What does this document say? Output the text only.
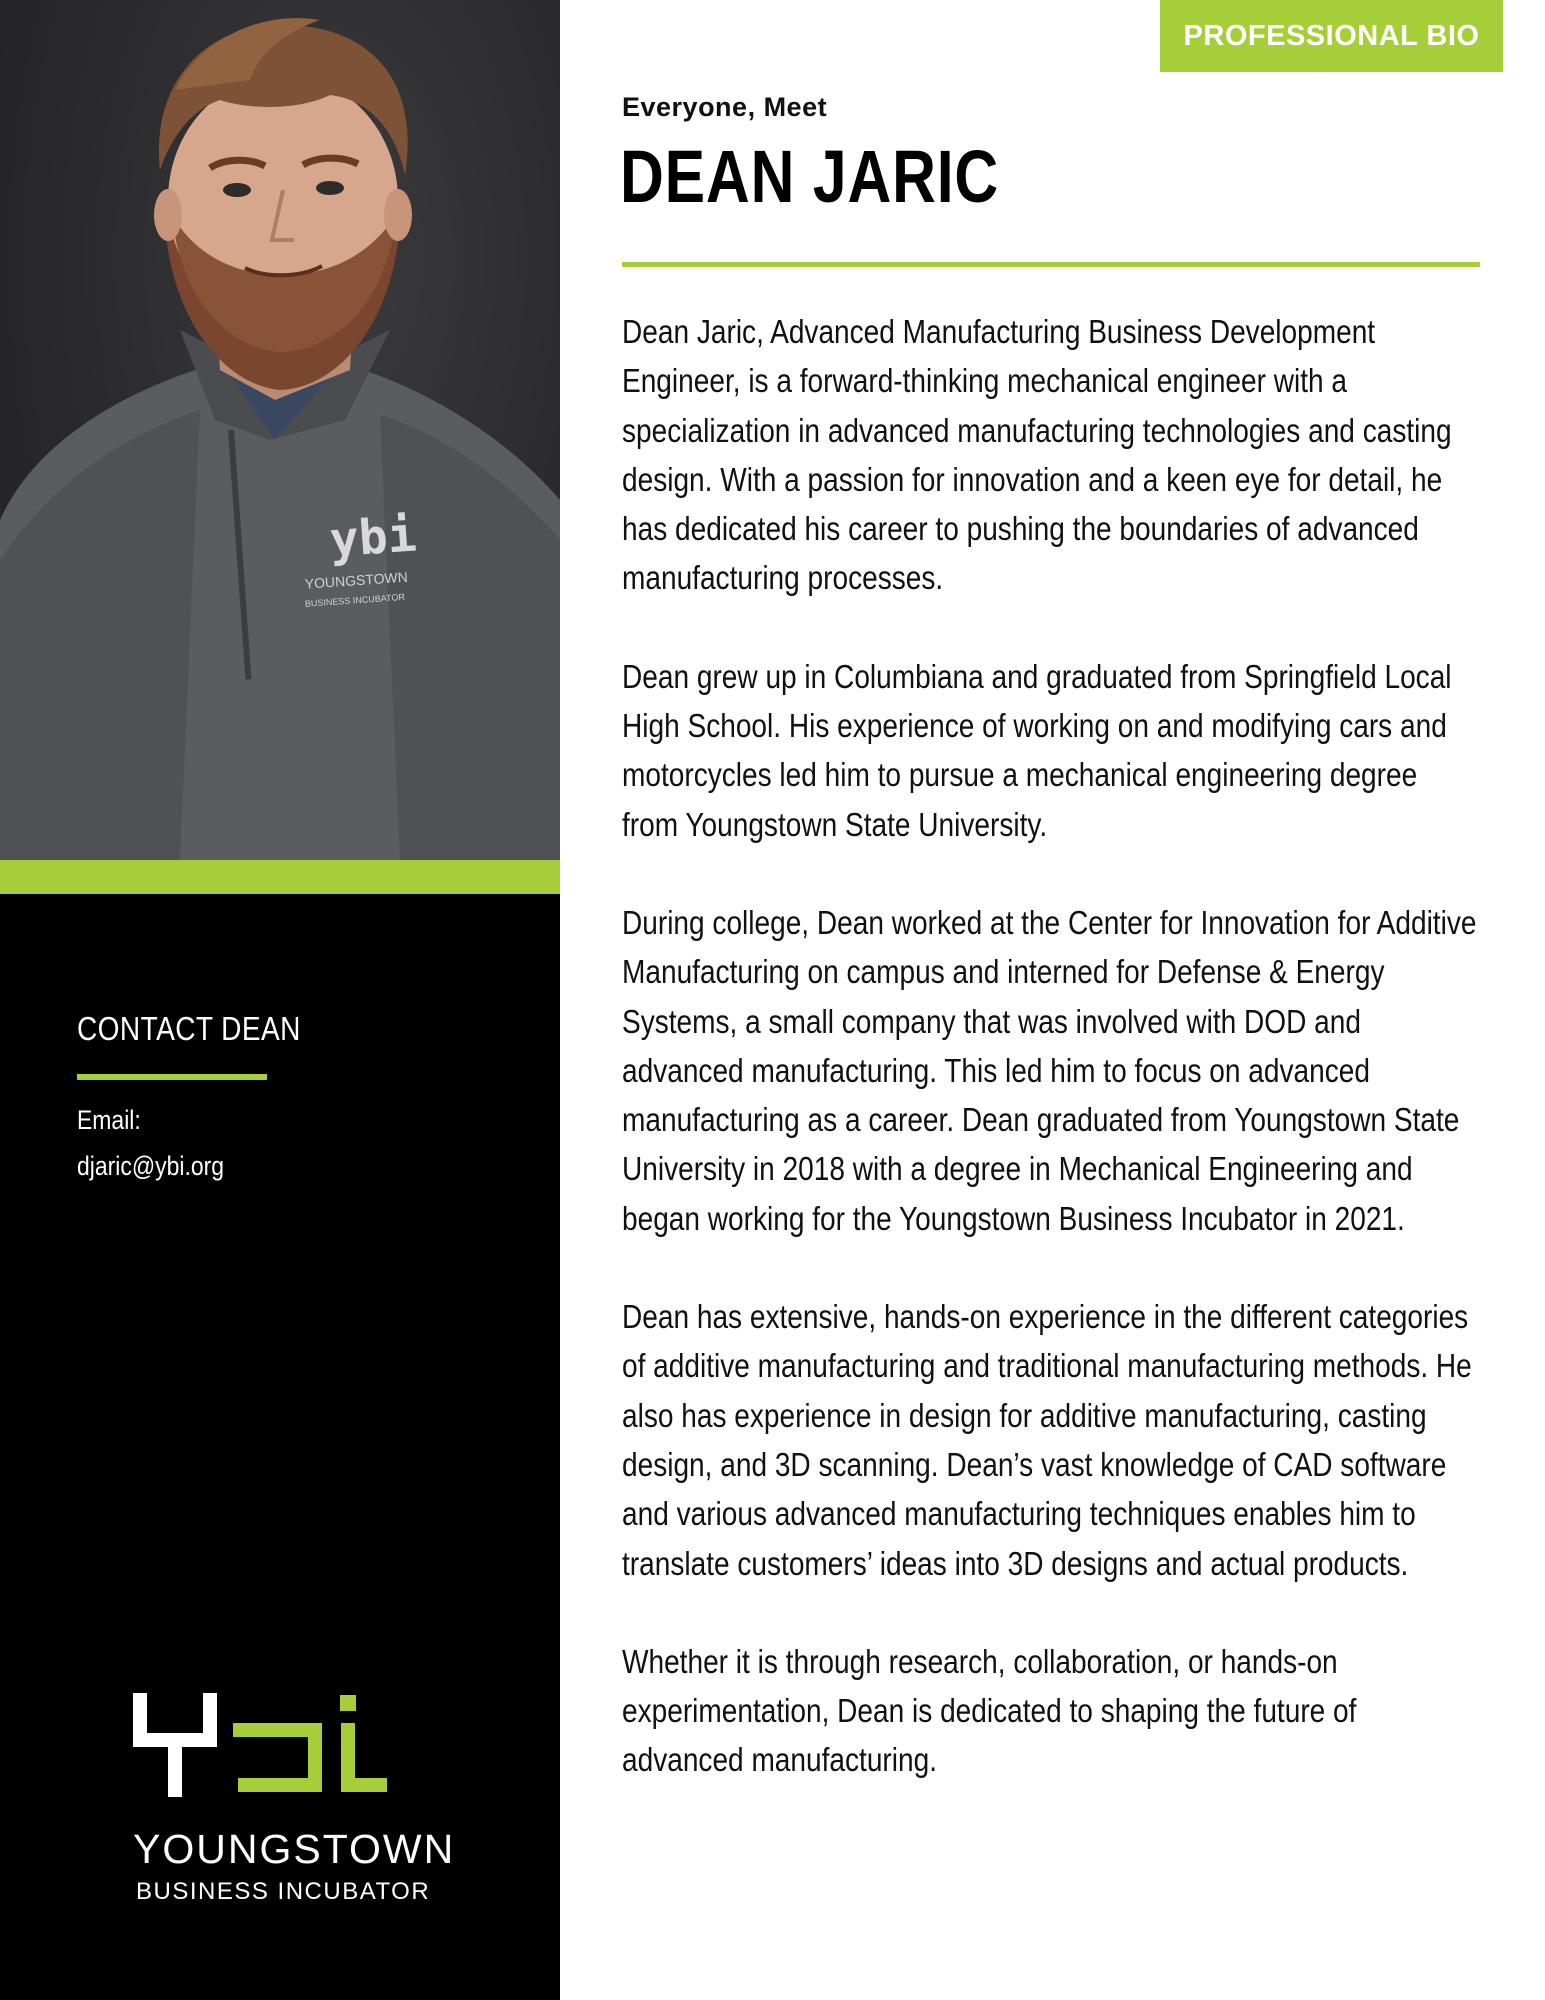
ybi
YOUNGSTOWN
BUSINESS INCUBATOR
CONTACT DEAN
Email:
djaric@ybi.org
YOUNGSTOWN
BUSINESS INCUBATOR
PROFESSIONAL BIO
Everyone, Meet
DEAN JARIC

Dean Jaric, Advanced Manufacturing Business Development Engineer, is a forward-thinking mechanical engineer with a specialization in advanced manufacturing technologies and casting design. With a passion for innovation and a keen eye for detail, he has dedicated his career to pushing the boundaries of advanced manufacturing processes.

Dean grew up in Columbiana and graduated from Springfield Local High School. His experience of working on and modifying cars and motorcycles led him to pursue a mechanical engineering degree from Youngstown State University.

During college, Dean worked at the Center for Innovation for Additive Manufacturing on campus and interned for Defense & Energy Systems, a small company that was involved with DOD and advanced manufacturing. This led him to focus on advanced manufacturing as a career. Dean graduated from Youngstown State University in 2018 with a degree in Mechanical Engineering and began working for the Youngstown Business Incubator in 2021.

Dean has extensive, hands-on experience in the different categories of additive manufacturing and traditional manufacturing methods. He also has experience in design for additive manufacturing, casting design, and 3D scanning. Dean’s vast knowledge of CAD software and various advanced manufacturing techniques enables him to translate customers’ ideas into 3D designs and actual products.

Whether it is through research, collaboration, or hands-on experimentation, Dean is dedicated to shaping the future of advanced manufacturing.
